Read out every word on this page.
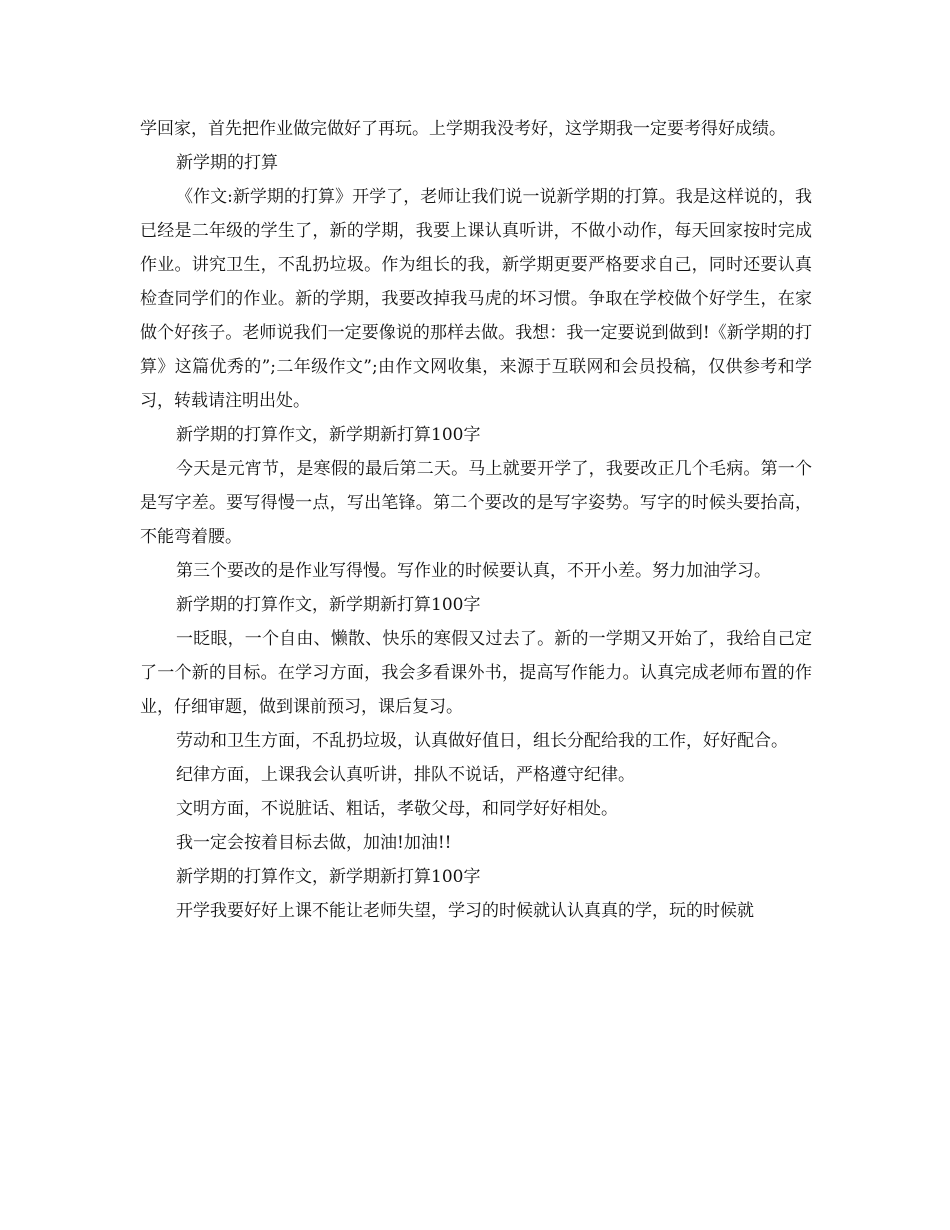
学回家，首先把作业做完做好了再玩。上学期我没考好，这学期我一定要考得好成绩。

新学期的打算

《作文:新学期的打算》开学了，老师让我们说一说新学期的打算。我是这样说的，我已经是二年级的学生了，新的学期，我要上课认真听讲，不做小动作，每天回家按时完成作业。讲究卫生，不乱扔垃圾。作为组长的我，新学期更要严格要求自己，同时还要认真检查同学们的作业。新的学期，我要改掉我马虎的坏习惯。争取在学校做个好学生，在家做个好孩子。老师说我们一定要像说的那样去做。我想：我一定要说到做到!《新学期的打算》这篇优秀的”;二年级作文”;由作文网收集，来源于互联网和会员投稿，仅供参考和学习，转载请注明出处。

新学期的打算作文，新学期新打算100字

今天是元宵节，是寒假的最后第二天。马上就要开学了，我要改正几个毛病。第一个是写字差。要写得慢一点，写出笔锋。第二个要改的是写字姿势。写字的时候头要抬高，不能弯着腰。

第三个要改的是作业写得慢。写作业的时候要认真，不开小差。努力加油学习。

新学期的打算作文，新学期新打算100字

一眨眼，一个自由、懒散、快乐的寒假又过去了。新的一学期又开始了，我给自己定了一个新的目标。在学习方面，我会多看课外书，提高写作能力。认真完成老师布置的作业，仔细审题，做到课前预习，课后复习。

劳动和卫生方面，不乱扔垃圾，认真做好值日，组长分配给我的工作，好好配合。

纪律方面，上课我会认真听讲，排队不说话，严格遵守纪律。

文明方面，不说脏话、粗话，孝敬父母，和同学好好相处。

我一定会按着目标去做，加油!加油!!

新学期的打算作文，新学期新打算100字

开学我要好好上课不能让老师失望，学习的时候就认认真真的学，玩的时候就
